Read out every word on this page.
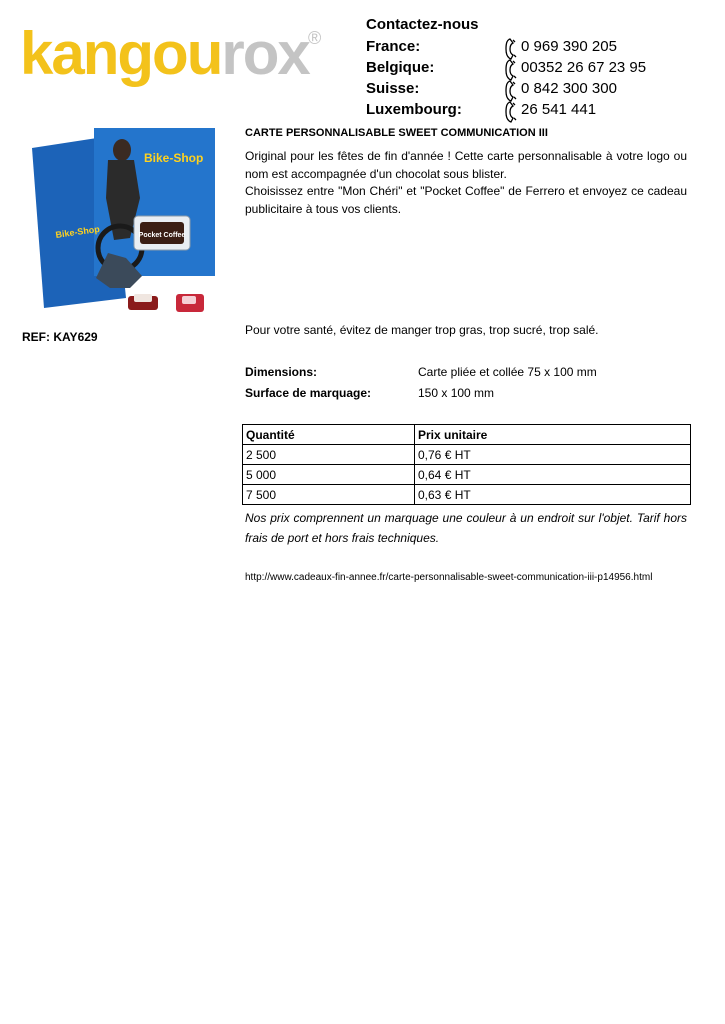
kangourox ®
Contactez-nous
France:	0 969 390 205
Belgique:	00352 26 67 23 95
Suisse:	0 842 300 300
Luxembourg:	26 541 441
Pocket Coffee
Bike-Shop
Bike-Shop
REF: KAY629
CARTE PERSONNALISABLE SWEET COMMUNICATION III

Original pour les fêtes de fin d'année ! Cette carte personnalisable à votre logo ou nom est accompagnée d'un chocolat sous blister.

Choisissez entre "Mon Chéri" et "Pocket Coffee" de Ferrero et envoyez ce cadeau publicitaire à tous vos clients.

Pour votre santé, évitez de manger trop gras, trop sucré, trop salé.
Dimensions:	Carte pliée et collée 75 x 100 mm
Surface de marquage:	150 x 100 mm
Quantité	Prix unitaire
2 500	0,76 € HT
5 000	0,64 € HT
7 500	0,63 € HT
Nos prix comprennent un marquage une couleur à un endroit sur l'objet. Tarif hors frais de port et hors frais techniques.
http://www.cadeaux-fin-annee.fr/carte-personnalisable-sweet-communication-iii-p14956.html
